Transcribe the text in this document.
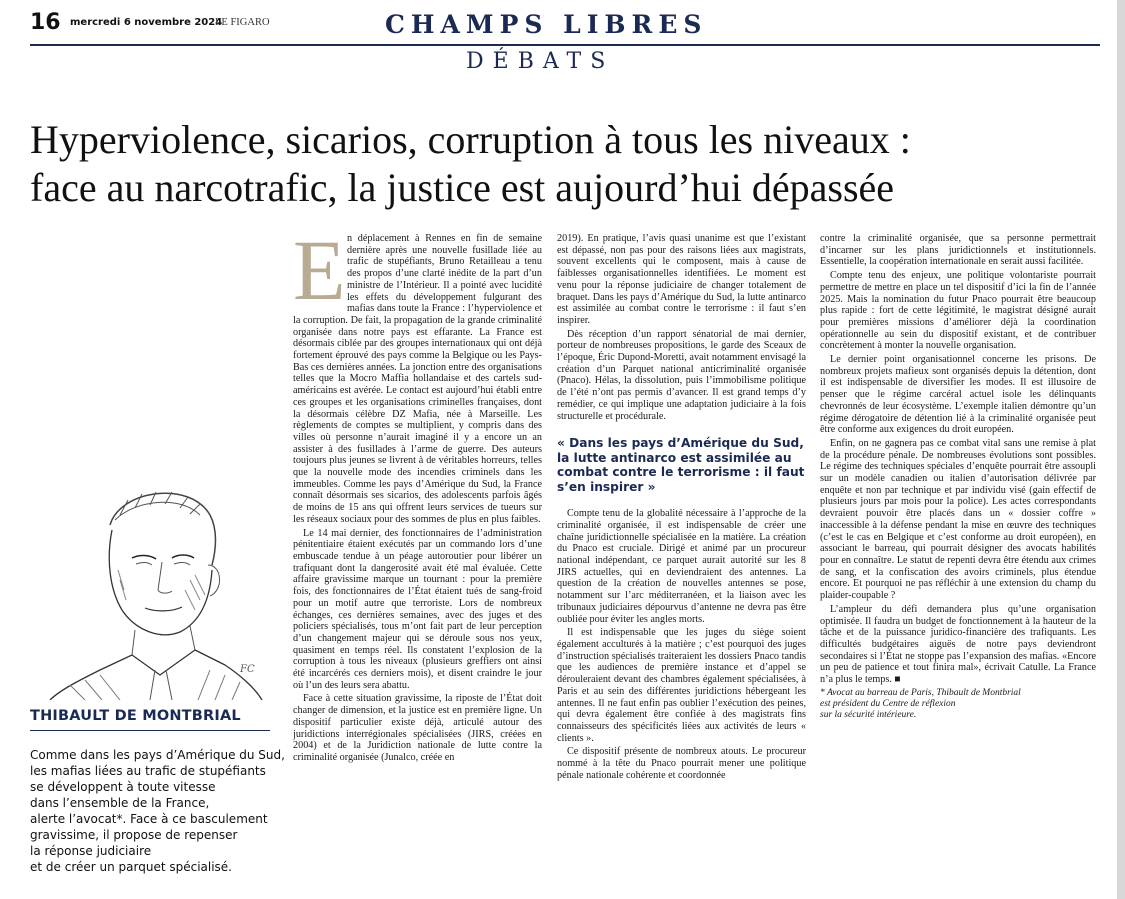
16 mercredi 6 novembre 2024
LE FIGARO	CHAMPS LIBRES
DÉBATS
Hyperviolence, sicarios, corruption à tous les niveaux :
face au narcotrafic, la justice est aujourd’hui dépassée
FC
THIBAULT DE MONTBRIAL
Comme dans les pays d’Amérique du Sud,
les mafias liées au trafic de stupéfiants
se développent à toute vitesse
dans l’ensemble de la France,
alerte l’avocat*. Face à ce basculement
gravissime, il propose de repenser
la réponse judiciaire
et de créer un parquet spécialisé.
E n déplacement à Rennes en fin de semaine dernière après une nouvelle fusillade liée au trafic de stupéfiants, Bruno Retailleau a tenu des propos d’une clarté inédite de la part d’un ministre de l’Intérieur. Il a pointé avec lucidité les effets du développement fulgurant des mafias dans toute la France : l’hyperviolence et la corruption. De fait, la propagation de la grande criminalité organisée dans notre pays est effarante. La France est désormais ciblée par des groupes internationaux qui ont déjà fortement éprouvé des pays comme la Belgique ou les Pays-Bas ces dernières années. La jonction entre des organisations telles que la Mocro Maffia hollandaise et des cartels sud-américains est avérée. Le contact est aujourd’hui établi entre ces groupes et les organisations criminelles françaises, dont la désormais célèbre DZ Mafia, née à Marseille. Les règlements de comptes se multiplient, y compris dans des villes où personne n’aurait imaginé il y a encore un an assister à des fusillades à l’arme de guerre. Des auteurs toujours plus jeunes se livrent à de véritables horreurs, telles que la nouvelle mode des incendies criminels dans les immeubles. Comme les pays d’Amérique du Sud, la France connaît désormais ses sicarios, des adolescents parfois âgés de moins de 15 ans qui offrent leurs services de tueurs sur les réseaux sociaux pour des sommes de plus en plus faibles.

Le 14 mai dernier, des fonctionnaires de l’administration pénitentiaire étaient exécutés par un commando lors d’une embuscade tendue à un péage autoroutier pour libérer un trafiquant dont la dangerosité avait été mal évaluée. Cette affaire gravissime marque un tournant : pour la première fois, des fonctionnaires de l’État étaient tués de sang-froid pour un motif autre que terroriste. Lors de nombreux échanges, ces dernières semaines, avec des juges et des policiers spécialisés, tous m’ont fait part de leur perception d’un changement majeur qui se déroule sous nos yeux, quasiment en temps réel. Ils constatent l’explosion de la corruption à tous les niveaux (plusieurs greffiers ont ainsi été incarcérés ces derniers mois), et disent craindre le jour où l’un des leurs sera abattu.

Face à cette situation gravissime, la riposte de l’État doit changer de dimension, et la justice est en première ligne. Un dispositif particulier existe déjà, articulé autour des juridictions interrégionales spécialisées (JIRS, créées en 2004) et de la Juridiction nationale de lutte contre la criminalité organisée (Junalco, créée en

2019). En pratique, l’avis quasi unanime est que l’existant est dépassé, non pas pour des raisons liées aux magistrats, souvent excellents qui le composent, mais à cause de faiblesses organisationnelles identifiées. Le moment est venu pour la réponse judiciaire de changer totalement de braquet. Dans les pays d’Amérique du Sud, la lutte antinarco est assimilée au combat contre le terrorisme : il faut s’en inspirer.

Dès réception d’un rapport sénatorial de mai dernier, porteur de nombreuses propositions, le garde des Sceaux de l’époque, Éric Dupond-Moretti, avait notamment envisagé la création d’un Parquet national anticriminalité organisée (Pnaco). Hélas, la dissolution, puis l’immobilisme politique de l’été n’ont pas permis d’avancer. Il est grand temps d’y remédier, ce qui implique une adaptation judiciaire à la fois structurelle et procédurale.

« Dans les pays d’Amérique du Sud, la lutte antinarco est assimilée au combat contre le terrorisme : il faut s’en inspirer »

Compte tenu de la globalité nécessaire à l’approche de la criminalité organisée, il est indispensable de créer une chaîne juridictionnelle spécialisée en la matière. La création du Pnaco est cruciale. Dirigé et animé par un procureur national indépendant, ce parquet aurait autorité sur les 8 JIRS actuelles, qui en deviendraient des antennes. La question de la création de nouvelles antennes se pose, notamment sur l’arc méditerranéen, et la liaison avec les tribunaux judiciaires dépourvus d’antenne ne devra pas être oubliée pour éviter les angles morts.

Il est indispensable que les juges du siège soient également acculturés à la matière ; c’est pourquoi des juges d’instruction spécialisés traiteraient les dossiers Pnaco tandis que les audiences de première instance et d’appel se dérouleraient devant des chambres également spécialisées, à Paris et au sein des différentes juridictions hébergeant les antennes. Il ne faut enfin pas oublier l’exécution des peines, qui devra également être confiée à des magistrats fins connaisseurs des spécificités liées aux activités de leurs « clients ».

Ce dispositif présente de nombreux atouts. Le procureur nommé à la tête du Pnaco pourrait mener une politique pénale nationale cohérente et coordonnée

contre la criminalité organisée, que sa personne permettrait d’incarner sur les plans juridictionnels et institutionnels. Essentielle, la coopération internationale en serait aussi facilitée.

Compte tenu des enjeux, une politique volontariste pourrait permettre de mettre en place un tel dispositif d’ici la fin de l’année 2025. Mais la nomination du futur Pnaco pourrait être beaucoup plus rapide : fort de cette légitimité, le magistrat désigné aurait pour premières missions d’améliorer déjà la coordination opérationnelle au sein du dispositif existant, et de contribuer concrètement à monter la nouvelle organisation.

Le dernier point organisationnel concerne les prisons. De nombreux projets mafieux sont organisés depuis la détention, dont il est indispensable de diversifier les modes. Il est illusoire de penser que le régime carcéral actuel isole les délinquants chevronnés de leur écosystème. L’exemple italien démontre qu’un régime dérogatoire de détention lié à la criminalité organisée peut être conforme aux exigences du droit européen.

Enfin, on ne gagnera pas ce combat vital sans une remise à plat de la procédure pénale. De nombreuses évolutions sont possibles. Le régime des techniques spéciales d’enquête pourrait être assoupli sur un modèle canadien ou italien d’autorisation délivrée par enquête et non par technique et par individu visé (gain effectif de plusieurs jours par mois pour la police). Les actes correspondants devraient pouvoir être placés dans un « dossier coffre » inaccessible à la défense pendant la mise en œuvre des techniques (c’est le cas en Belgique et c’est conforme au droit européen), en associant le barreau, qui pourrait désigner des avocats habilités pour en connaître. Le statut de repenti devra être étendu aux crimes de sang, et la confiscation des avoirs criminels, plus étendue encore. Et pourquoi ne pas réfléchir à une extension du champ du plaider-coupable ?

L’ampleur du défi demandera plus qu’une organisation optimisée. Il faudra un budget de fonctionnement à la hauteur de la tâche et de la puissance juridico-financière des trafiquants. Les difficultés budgétaires aiguës de notre pays deviendront secondaires si l’État ne stoppe pas l’expansion des mafias. «Encore un peu de patience et tout finira mal», écrivait Catulle. La France n’a plus le temps. ■

* Avocat au barreau de Paris, Thibault de Montbrial
est président du Centre de réflexion
sur la sécurité intérieure.
